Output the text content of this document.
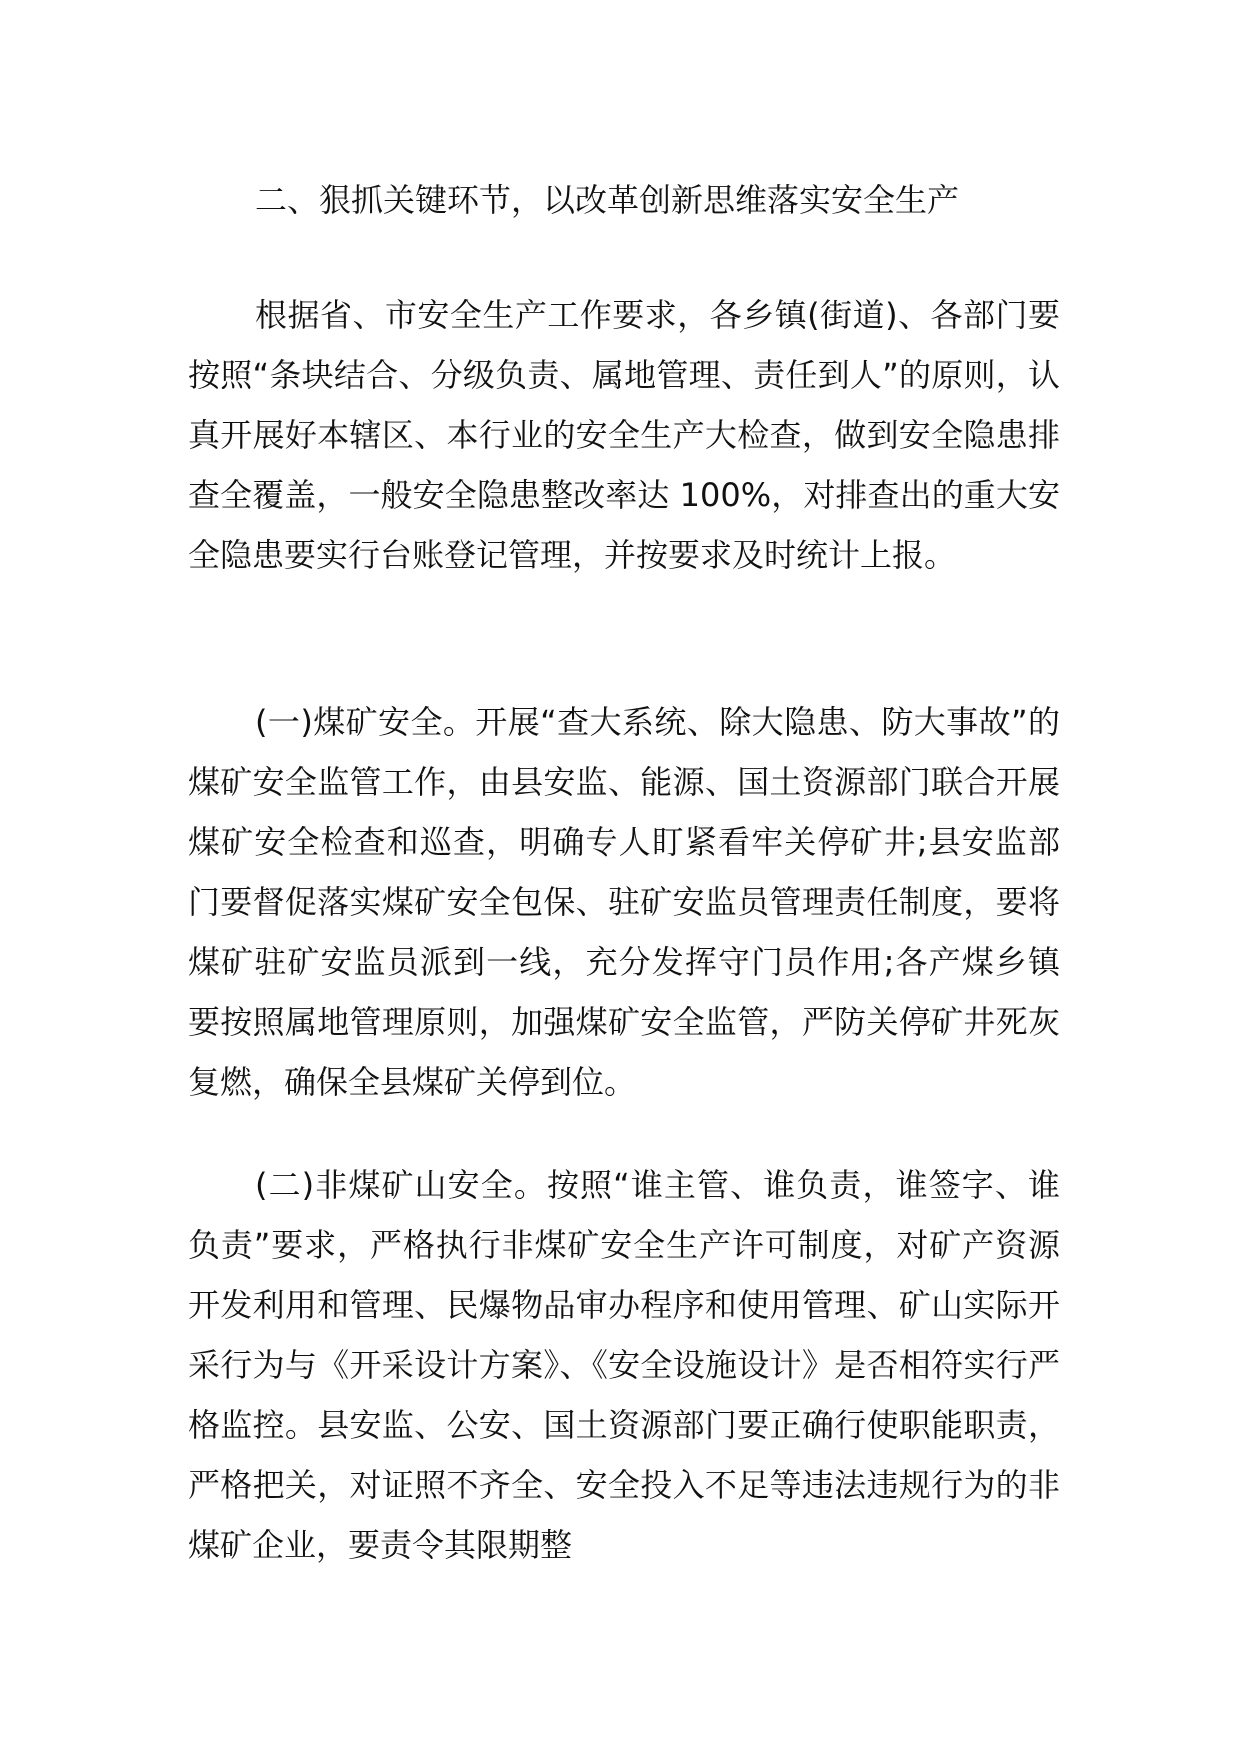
二、狠抓关键环节，以改革创新思维落实安全生产

根据省、市安全生产工作要求，各乡镇(街道)、各部门要按照“条块结合、分级负责、属地管理、责任到人”的原则，认真开展好本辖区、本行业的安全生产大检查，做到安全隐患排查全覆盖，一般安全隐患整改率达 100%，对排查出的重大安全隐患要实行台账登记管理，并按要求及时统计上报。

(一)煤矿安全。开展“查大系统、除大隐患、防大事故”的煤矿安全监管工作，由县安监、能源、国土资源部门联合开展煤矿安全检查和巡查，明确专人盯紧看牢关停矿井;县安监部门要督促落实煤矿安全包保、驻矿安监员管理责任制度，要将煤矿驻矿安监员派到一线，充分发挥守门员作用;各产煤乡镇要按照属地管理原则，加强煤矿安全监管，严防关停矿井死灰复燃，确保全县煤矿关停到位。

(二)非煤矿山安全。按照“谁主管、谁负责，谁签字、谁负责”要求，严格执行非煤矿安全生产许可制度，对矿产资源开发利用和管理、民爆物品审办程序和使用管理、矿山实际开采行为与《开采设计方案》、《安全设施设计》是否相符实行严格监控。县安监、公安、国土资源部门要正确行使职能职责，严格把关，对证照不齐全、安全投入不足等违法违规行为的非煤矿企业，要责令其限期整
